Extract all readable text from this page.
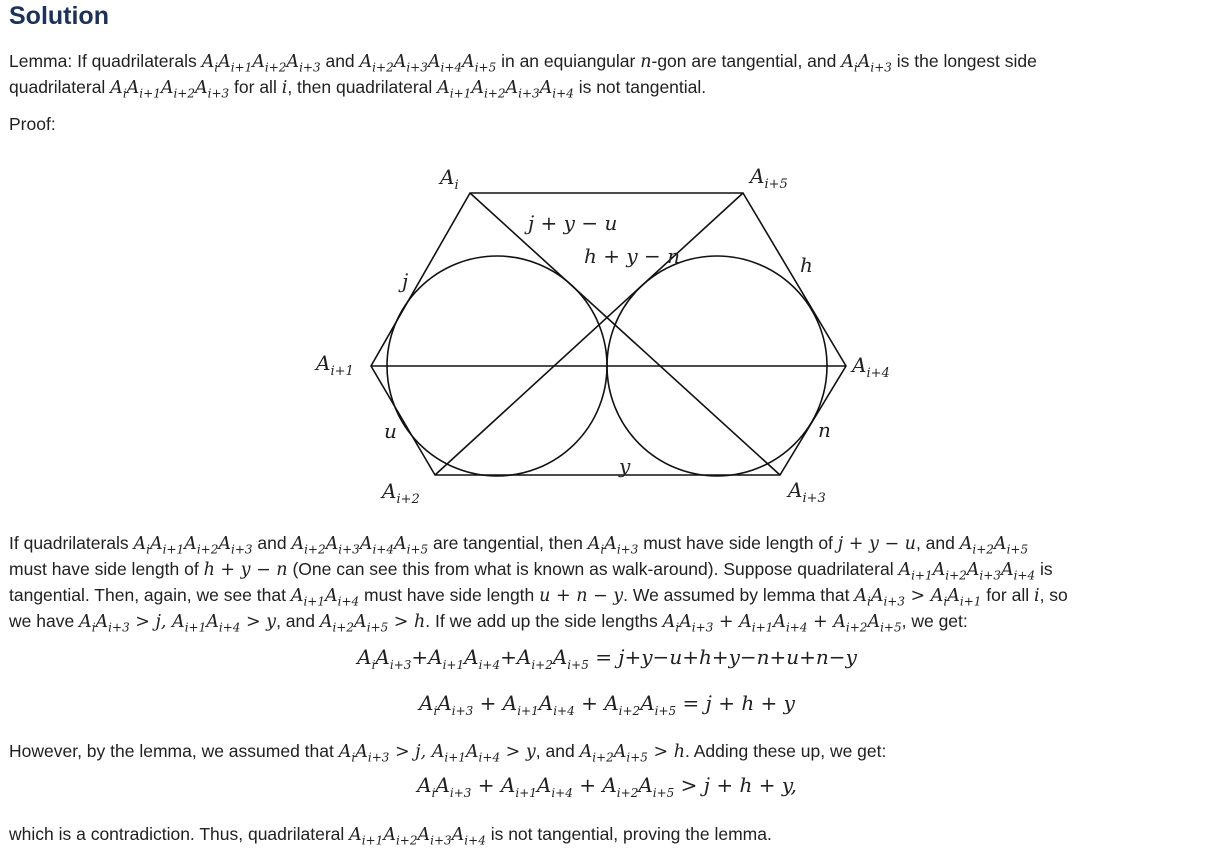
Solution

Lemma: If quadrilaterals $A_iA_{i+1}A_{i+2}A_{i+3}$ and $A_{i+2}A_{i+3}A_{i+4}A_{i+5}$ in an equiangular n-gon are tangential, and $A_iA_{i+3}$ is the longest side

quadrilateral $A_iA_{i+1}A_{i+2}A_{i+3}$ for all i, then quadrilateral $A_{i+1}A_{i+2}A_{i+3}A_{i+4}$ is not tangential.

Proof:

$A_i$	$A_{i+5}$
$A_{i+1}$	$A_{i+4}$
$A_{i+2}$	$A_{i+3}$
j
h
u	n
y
j + y − u
h + y − n

If quadrilaterals $A_iA_{i+1}A_{i+2}A_{i+3}$ and $A_{i+2}A_{i+3}A_{i+4}A_{i+5}$ are tangential, then $A_iA_{i+3}$ must have side length of j + y − u, and $A_{i+2}A_{i+5}$

must have side length of h + y − n (One can see this from what is known as walk-around). Suppose quadrilateral $A_{i+1}A_{i+2}A_{i+3}A_{i+4}$ is

tangential. Then, again, we see that $A_{i+1}A_{i+4}$ must have side length u + n − y. We assumed by lemma that $A_iA_{i+3} > A_iA_{i+1}$ for all i, so

we have $A_iA_{i+3} > j$, $A_{i+1}A_{i+4} > y$, and $A_{i+2}A_{i+5} > h$. If we add up the side lengths $A_iA_{i+3} + A_{i+1}A_{i+4} + A_{i+2}A_{i+5}$, we get:

$A_iA_{i+3}+A_{i+1}A_{i+4}+A_{i+2}A_{i+5} = j+y-u+h+y-n+u+n-y$
$A_iA_{i+3} + A_{i+1}A_{i+4} + A_{i+2}A_{i+5} = j + h + y$

However, by the lemma, we assumed that $A_iA_{i+3} > j$, $A_{i+1}A_{i+4} > y$, and $A_{i+2}A_{i+5} > h$. Adding these up, we get:

$A_iA_{i+3} + A_{i+1}A_{i+4} + A_{i+2}A_{i+5} > j + h + y$,

which is a contradiction. Thus, quadrilateral $A_{i+1}A_{i+2}A_{i+3}A_{i+4}$ is not tangential, proving the lemma.
